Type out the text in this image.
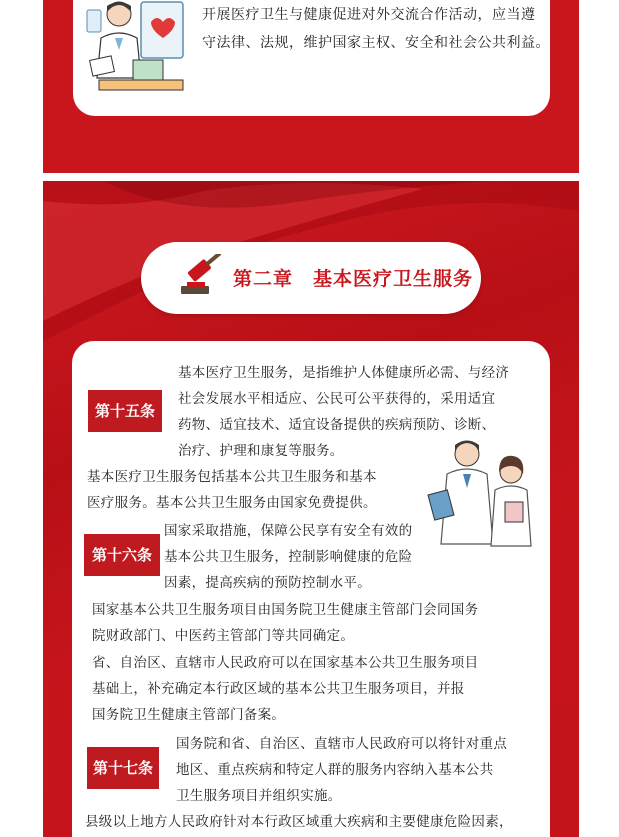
开展医疗卫生与健康促进对外交流合作活动，应当遵

守法律、法规，维护国家主权、安全和社会公共利益。

第二章　基本医疗卫生服务
第十五条

基本医疗卫生服务，是指维护人体健康所必需、与经济

社会发展水平相适应、公民可公平获得的，采用适宜

药物、适宜技术、适宜设备提供的疾病预防、诊断、

治疗、护理和康复等服务。

基本医疗卫生服务包括基本公共卫生服务和基本

医疗服务。基本公共卫生服务由国家免费提供。

第十六条

国家采取措施，保障公民享有安全有效的

基本公共卫生服务，控制影响健康的危险

因素，提高疾病的预防控制水平。

国家基本公共卫生服务项目由国务院卫生健康主管部门会同国务

院财政部门、中医药主管部门等共同确定。

省、自治区、直辖市人民政府可以在国家基本公共卫生服务项目

基础上，补充确定本行政区域的基本公共卫生服务项目，并报

国务院卫生健康主管部门备案。

第十七条

国务院和省、自治区、直辖市人民政府可以将针对重点

地区、重点疾病和特定人群的服务内容纳入基本公共

卫生服务项目并组织实施。

县级以上地方人民政府针对本行政区域重大疾病和主要健康危险因素，
